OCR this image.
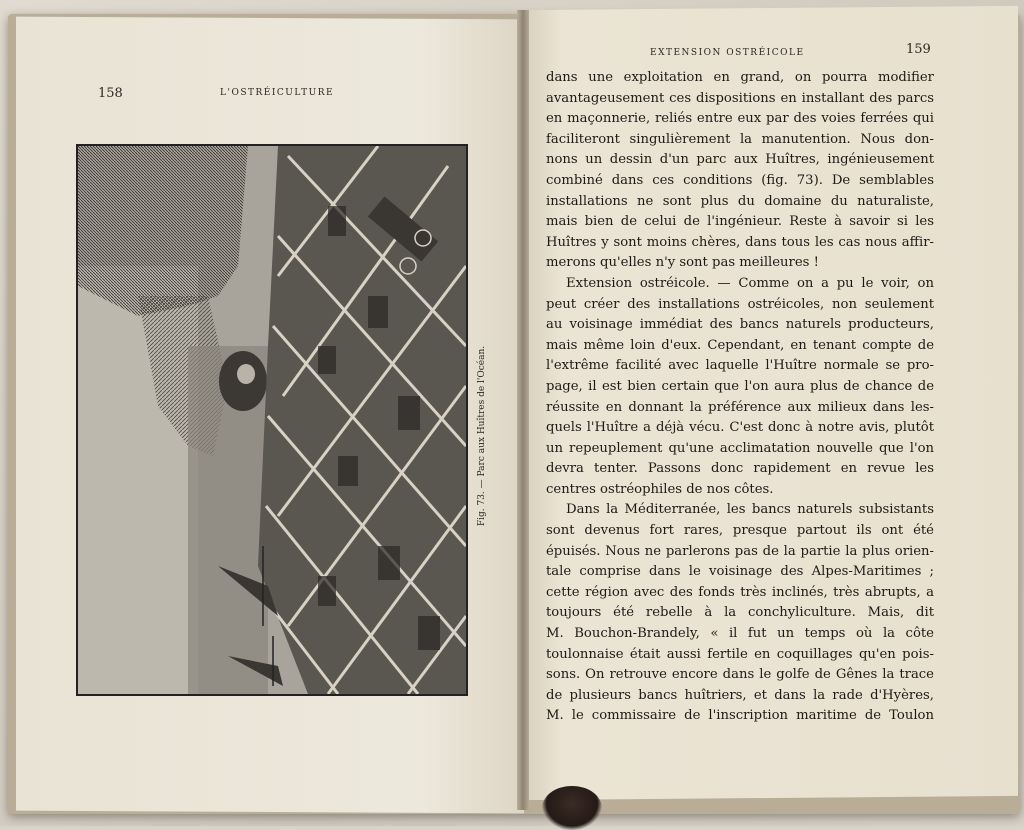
158	L'OSTRÉICULTURE
Fig. 73. — Parc aux Huîtres de l'Océan.
EXTENSION OSTRÉICOLE	159
dans une exploitation en grand, on pourra modifier
avantageusement ces dispositions en installant des parcs
en maçonnerie, reliés entre eux par des voies ferrées qui
faciliteront singulièrement la manutention. Nous don-
nons un dessin d'un parc aux Huîtres, ingénieusement
combiné dans ces conditions (fig. 73). De semblables
installations ne sont plus du domaine du naturaliste,
mais bien de celui de l'ingénieur. Reste à savoir si les
Huîtres y sont moins chères, dans tous les cas nous affir-
merons qu'elles n'y sont pas meilleures !
Extension ostréicole. — Comme on a pu le voir, on
peut créer des installations ostréicoles, non seulement
au voisinage immédiat des bancs naturels producteurs,
mais même loin d'eux. Cependant, en tenant compte de
l'extrême facilité avec laquelle l'Huître normale se pro-
page, il est bien certain que l'on aura plus de chance de
réussite en donnant la préférence aux milieux dans les-
quels l'Huître a déjà vécu. C'est donc à notre avis, plutôt
un repeuplement qu'une acclimatation nouvelle que l'on
devra tenter. Passons donc rapidement en revue les
centres ostréophiles de nos côtes.
Dans la Méditerranée, les bancs naturels subsistants
sont devenus fort rares, presque partout ils ont été
épuisés. Nous ne parlerons pas de la partie la plus orien-
tale comprise dans le voisinage des Alpes-Maritimes ;
cette région avec des fonds très inclinés, très abrupts, a
toujours été rebelle à la conchyliculture. Mais, dit
M. Bouchon-Brandely, « il fut un temps où la côte
toulonnaise était aussi fertile en coquillages qu'en pois-
sons. On retrouve encore dans le golfe de Gênes la trace
de plusieurs bancs huîtriers, et dans la rade d'Hyères,
M. le commissaire de l'inscription maritime de Toulon
